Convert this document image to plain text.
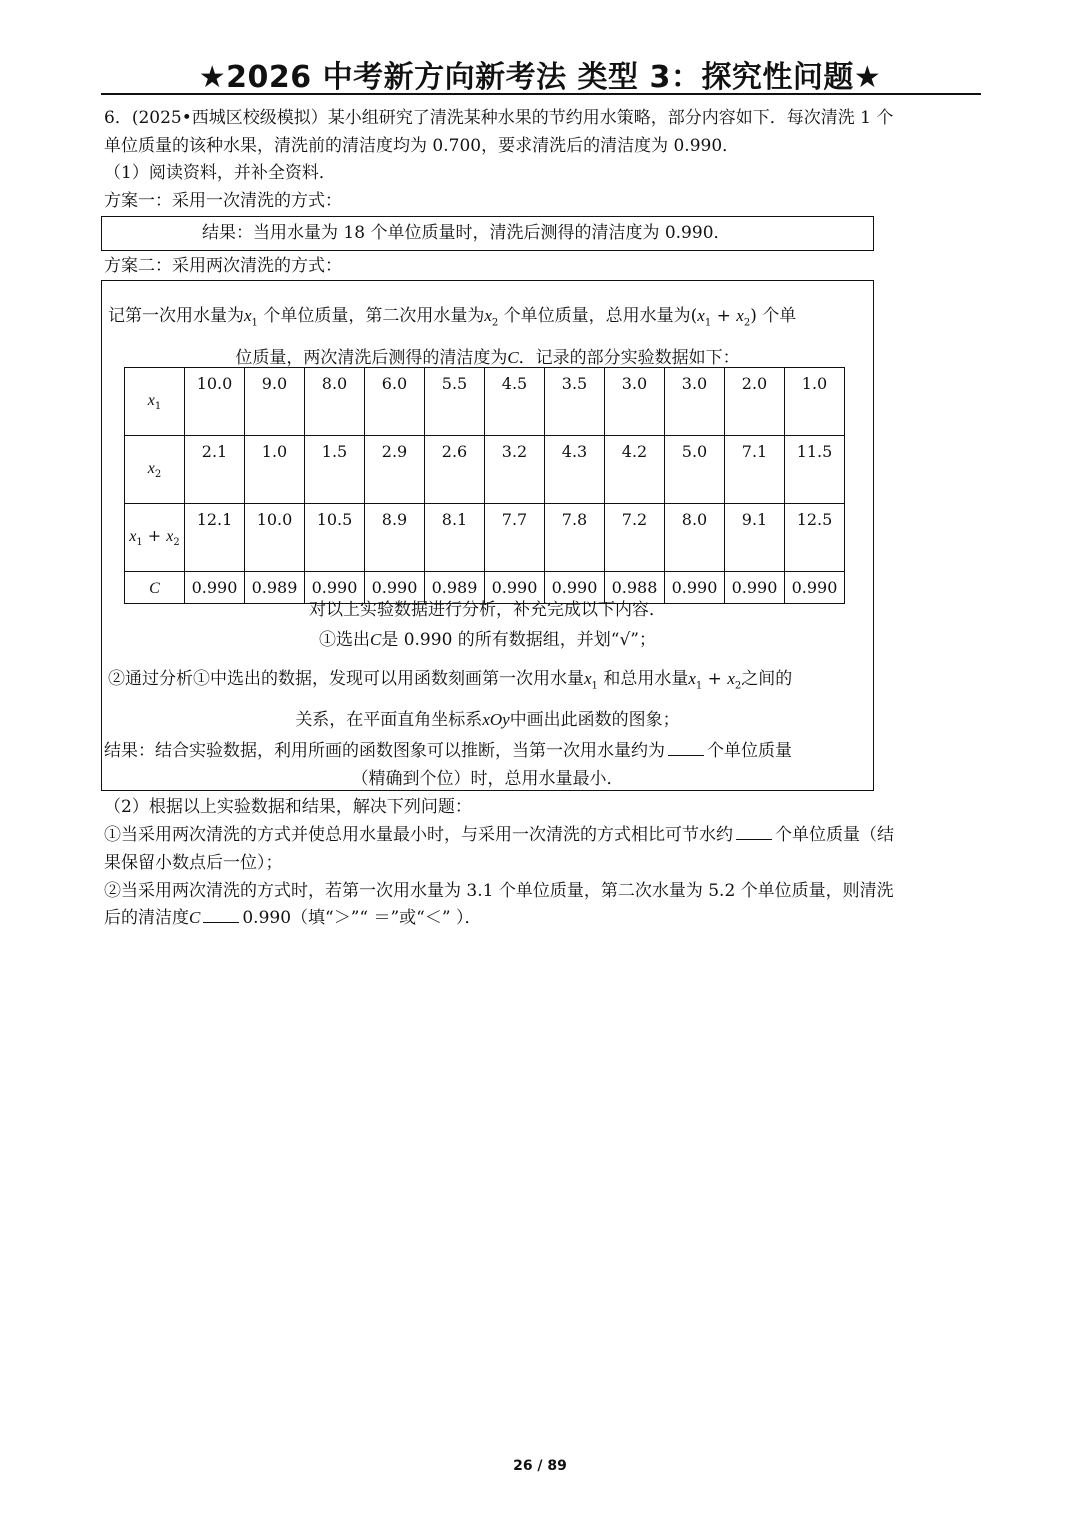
★2026 中考新方向新考法 类型 3：探究性问题★
6．(2025•西城区校级模拟）某小组研究了清洗某种水果的节约用水策略，部分内容如下．每次清洗 1 个
单位质量的该种水果，清洗前的清洁度均为 0.700，要求清洗后的清洁度为 0.990．
（1）阅读资料，并补全资料．
方案一：采用一次清洗的方式：
结果：当用水量为 18 个单位质量时，清洗后测得的清洁度为 0.990．
方案二：采用两次清洗的方式：
记第一次用水量为$x_1$ 个单位质量，第二次用水量为$x_2$ 个单位质量，总用水量为$(x_1 + x_2)$ 个单
位质量，两次清洗后测得的清洁度为C．记录的部分实验数据如下：
$x_1$	10.0	9.0	8.0	6.0	5.5	4.5	3.5	3.0	3.0	2.0	1.0
$x_2$	2.1	1.0	1.5	2.9	2.6	3.2	4.3	4.2	5.0	7.1	11.5
$x_1 + x_2$	12.1	10.0	10.5	8.9	8.1	7.7	7.8	7.2	8.0	9.1	12.5
C	0.990	0.989	0.990	0.990	0.989	0.990	0.990	0.988	0.990	0.990	0.990
对以上实验数据进行分析，补充完成以下内容．
①选出C是 0.990 的所有数据组，并划“√”；
②通过分析①中选出的数据，发现可以用函数刻画第一次用水量$x_1$ 和总用水量$x_1 + x_2$之间的
关系，在平面直角坐标系xOy中画出此函数的图象；
结果：结合实验数据，利用所画的函数图象可以推断，当第一次用水量约为 个单位质量
（精确到个位）时，总用水量最小．
（2）根据以上实验数据和结果，解决下列问题：
①当采用两次清洗的方式并使总用水量最小时，与采用一次清洗的方式相比可节水约 个单位质量（结
果保留小数点后一位）；
②当采用两次清洗的方式时，若第一次用水量为 3.1 个单位质量，第二次水量为 5.2 个单位质量，则清洗
后的清洁度C 0.990（填“＞”“ ＝”或“＜” ）．
26 / 89
